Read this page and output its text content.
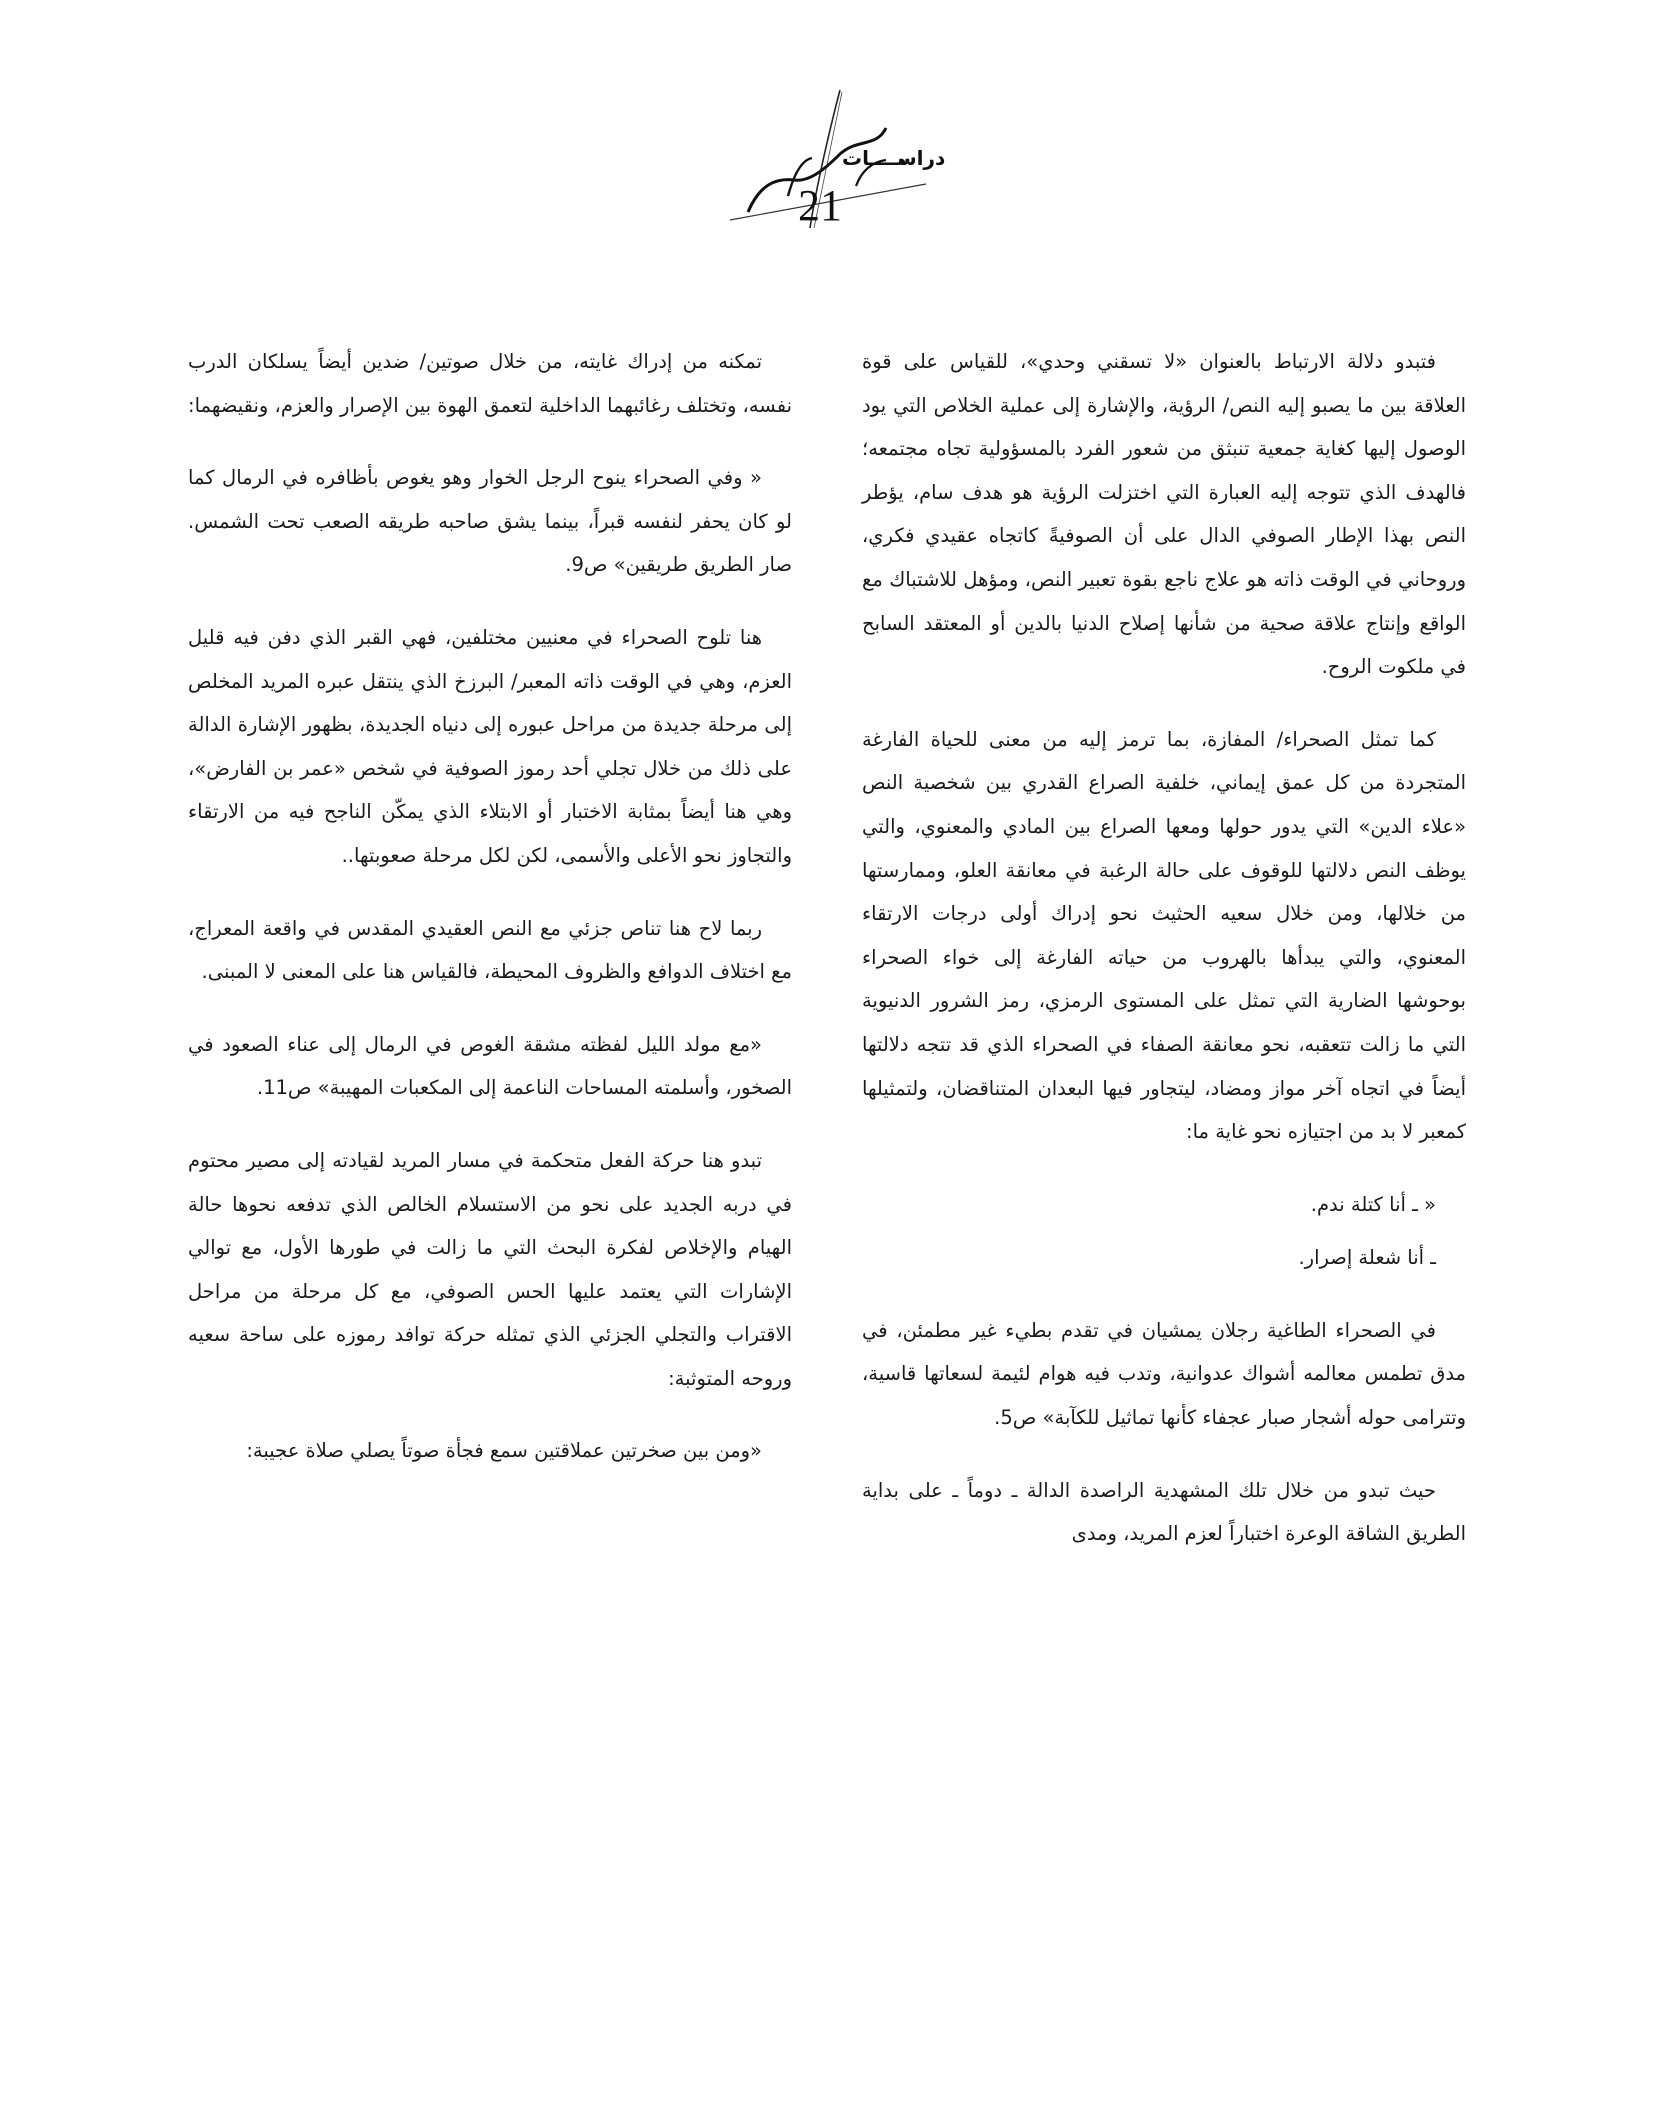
دراســــات
21

فتبدو دلالة الارتباط بالعنوان «لا تسقني وحدي»، للقياس على قوة العلاقة بين ما يصبو إليه النص/ الرؤية، والإشارة إلى عملية الخلاص التي يود الوصول إليها كغاية جمعية تنبثق من شعور الفرد بالمسؤولية تجاه مجتمعه؛ فالهدف الذي تتوجه إليه العبارة التي اختزلت الرؤية هو هدف سام، يؤطر النص بهذا الإطار الصوفي الدال على أن الصوفيةً كاتجاه عقيدي فكري، وروحاني في الوقت ذاته هو علاج ناجع بقوة تعبير النص، ومؤهل للاشتباك مع الواقع وإنتاج علاقة صحية من شأنها إصلاح الدنيا بالدين أو المعتقد السابح في ملكوت الروح.

كما تمثل الصحراء/ المفازة، بما ترمز إليه من معنى للحياة الفارغة المتجردة من كل عمق إيماني، خلفية الصراع القدري بين شخصية النص «علاء الدين» التي يدور حولها ومعها الصراع بين المادي والمعنوي، والتي يوظف النص دلالتها للوقوف على حالة الرغبة في معانقة العلو، وممارستها من خلالها، ومن خلال سعيه الحثيث نحو إدراك أولى درجات الارتقاء المعنوي، والتي يبدأها بالهروب من حياته الفارغة إلى خواء الصحراء بوحوشها الضارية التي تمثل على المستوى الرمزي، رمز الشرور الدنيوية التي ما زالت تتعقبه، نحو معانقة الصفاء في الصحراء الذي قد تتجه دلالتها أيضاً في اتجاه آخر مواز ومضاد، ليتجاور فيها البعدان المتناقضان، ولتمثيلها كمعبر لا بد من اجتيازه نحو غاية ما:

« ـ أنا كتلة ندم.

ـ أنا شعلة إصرار.

في الصحراء الطاغية رجلان يمشيان في تقدم بطيء غير مطمئن، في مدق تطمس معالمه أشواك عدوانية، وتدب فيه هوام لئيمة لسعاتها قاسية، وتترامى حوله أشجار صبار عجفاء كأنها تماثيل للكآبة» ص5.

حيث تبدو من خلال تلك المشهدية الراصدة الدالة ـ دوماً ـ على بداية الطريق الشاقة الوعرة اختباراً لعزم المريد، ومدى

تمكنه من إدراك غايته، من خلال صوتين/ ضدين أيضاً يسلكان الدرب نفسه، وتختلف رغائبهما الداخلية لتعمق الهوة بين الإصرار والعزم، ونقيضهما:

« وفي الصحراء ينوح الرجل الخوار وهو يغوص بأظافره في الرمال كما لو كان يحفر لنفسه قبراً، بينما يشق صاحبه طريقه الصعب تحت الشمس. صار الطريق طريقين» ص9.

هنا تلوح الصحراء في معنيين مختلفين، فهي القبر الذي دفن فيه قليل العزم، وهي في الوقت ذاته المعبر/ البرزخ الذي ينتقل عبره المريد المخلص إلى مرحلة جديدة من مراحل عبوره إلى دنياه الجديدة، بظهور الإشارة الدالة على ذلك من خلال تجلي أحد رموز الصوفية في شخص «عمر بن الفارض»، وهي هنا أيضاً بمثابة الاختبار أو الابتلاء الذي يمكّن الناجح فيه من الارتقاء والتجاوز نحو الأعلى والأسمى، لكن لكل مرحلة صعوبتها..

ربما لاح هنا تناص جزئي مع النص العقيدي المقدس في واقعة المعراج، مع اختلاف الدوافع والظروف المحيطة، فالقياس هنا على المعنى لا المبنى.

«مع مولد الليل لفظته مشقة الغوص في الرمال إلى عناء الصعود في الصخور، وأسلمته المساحات الناعمة إلى المكعبات المهيبة» ص11.

تبدو هنا حركة الفعل متحكمة في مسار المريد لقيادته إلى مصير محتوم في دربه الجديد على نحو من الاستسلام الخالص الذي تدفعه نحوها حالة الهيام والإخلاص لفكرة البحث التي ما زالت في طورها الأول، مع توالي الإشارات التي يعتمد عليها الحس الصوفي، مع كل مرحلة من مراحل الاقتراب والتجلي الجزئي الذي تمثله حركة توافد رموزه على ساحة سعيه وروحه المتوثبة:

«ومن بين صخرتين عملاقتين سمع فجأة صوتاً يصلي صلاة عجيبة:
